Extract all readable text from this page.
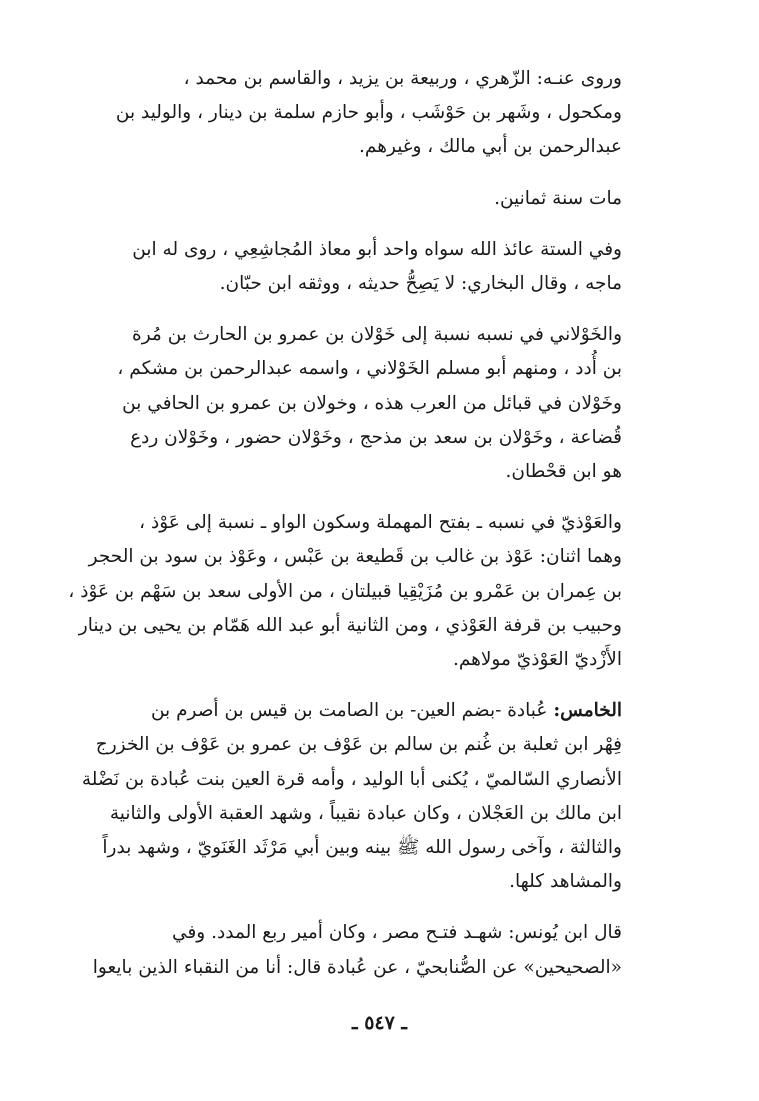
وروى عنـه: الزّهري ، وربيعة بن يزيد ، والقاسم بن محمد ،
ومكحول ، وشَهر بن حَوْشَب ، وأبو حازم سلمة بن دينار ، والوليد بن
عبدالرحمن بن أبي مالك ، وغيرهم.
مات سنة ثمانين.
وفي الستة عائذ الله سواه واحد أبو معاذ المُجاشِعِي ، روى له ابن
ماجه ، وقال البخاري: لا يَصِحُّ حديثه ، ووثقه ابن حبّان.
والخَوْلاني في نسبه نسبة إلى خَوْلان بن عمرو بن الحارث بن مُرة
بن أُدد ، ومنهم أبو مسلم الخَوْلاني ، واسمه عبدالرحمن بن مشكم ،
وخَوْلان في قبائل من العرب هذه ، وخولان بن عمرو بن الحافي بن
قُضاعة ، وخَوْلان بن سعد بن مذحج ، وخَوْلان حضور ، وخَوْلان ردع
هو ابن قحْطان.
والعَوْذيّ في نسبه ـ بفتح المهملة وسكون الواو ـ نسبة إلى عَوْذ ،
وهما اثنان: عَوْذ بن غالب بن قَطيعة بن عَبْس ، وعَوْذ بن سود بن الحجر
بن عِمران بن عَمْرو بن مُزَيْقِيا قبيلتان ، من الأولى سعد بن سَهْم بن عَوْذ ،
وحبيب بن قرفة العَوْذي ، ومن الثانية أبو عبد الله هَمّام بن يحيى بن دينار
الأَزْديّ العَوْذيّ مولاهم.
الخامس: عُبادة -بضم العين- بن الصامت بن قيس بن أصرم بن
فِهْر ابن ثعلبة بن غُنم بن سالم بن عَوْف بن عمرو بن عَوْف بن الخزرج
الأنصاري السّالميّ ، يُكنى أبا الوليد ، وأمه قرة العين بنت عُبادة بن نَضْلة
ابن مالك بن العَجْلان ، وكان عبادة نقيباً ، وشهد العقبة الأولى والثانية
والثالثة ، وآخى رسول الله ﷺ بينه وبين أبي مَرْثَد الغَنَويّ ، وشهد بدراً
والمشاهد كلها.
قال ابن يُونس: شهـد فتـح مصر ، وكان أمير ربع المدد. وفي
«الصحيحين» عن الصُّنابحيّ ، عن عُبادة قال: أنا من النقباء الذين بايعوا
ـ ٥٤٧ ـ
